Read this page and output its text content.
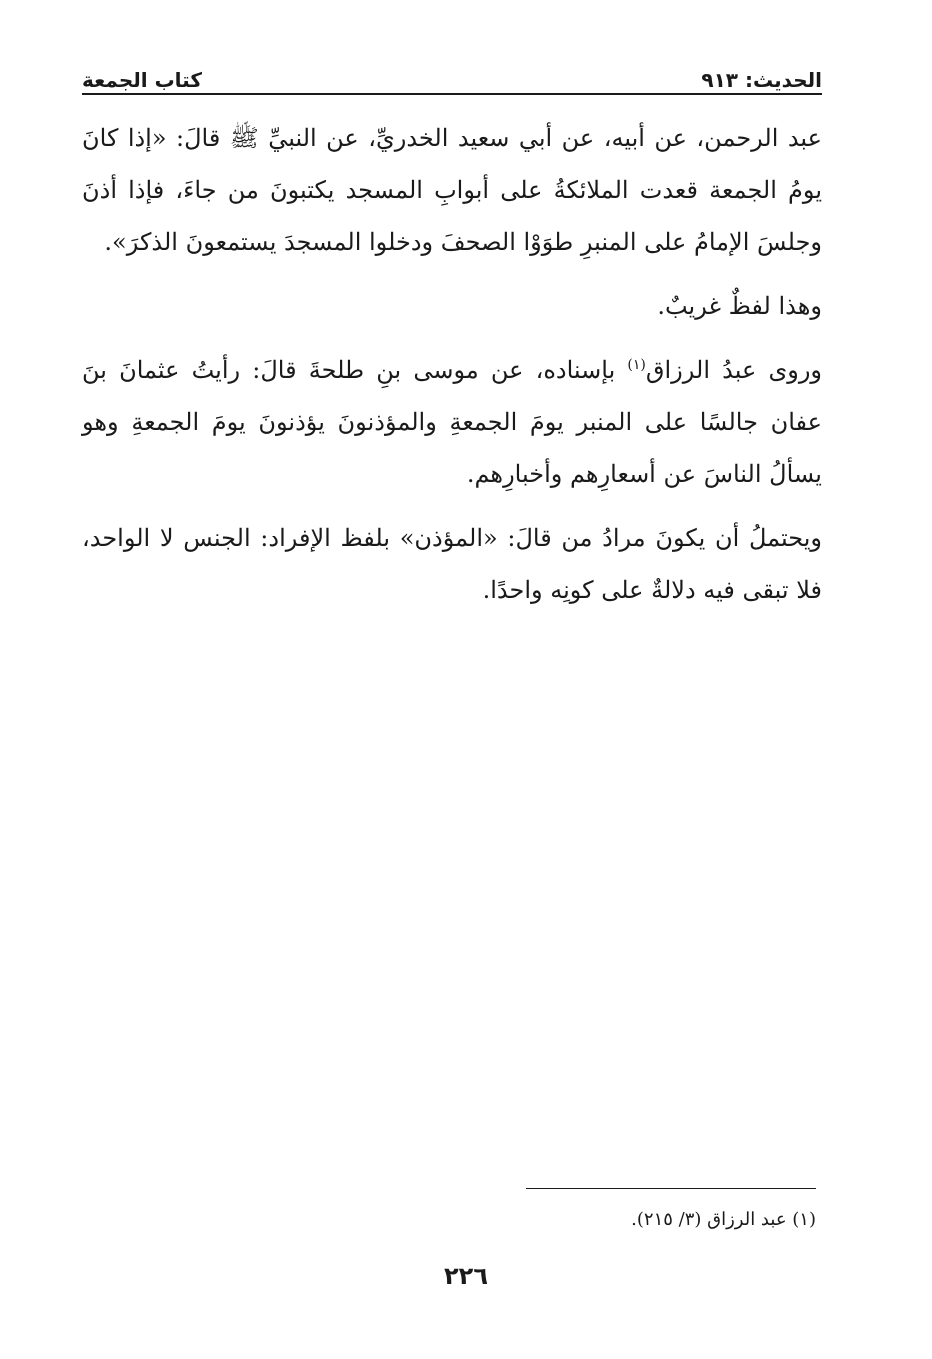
الحديث: ٩١٣
كتاب الجمعة

عبد الرحمن، عن أبيه، عن أبي سعيد الخدريِّ، عن النبيِّ ﷺ قالَ: «إذا كانَ يومُ الجمعة قعدت الملائكةُ على أبوابِ المسجد يكتبونَ من جاءَ، فإذا أذنَ وجلسَ الإمامُ على المنبرِ طوَوْا الصحفَ ودخلوا المسجدَ يستمعونَ الذكرَ».

وهذا لفظٌ غريبٌ.

وروى عبدُ الرزاق$^{(١)}$ بإسناده، عن موسى بنِ طلحةَ قالَ: رأيتُ عثمانَ بنَ عفان جالسًا على المنبر يومَ الجمعةِ والمؤذنونَ يؤذنونَ يومَ الجمعةِ وهو يسألُ الناسَ عن أسعارِهم وأخبارِهم.

ويحتملُ أن يكونَ مرادُ من قالَ: «المؤذن» بلفظ الإفراد: الجنس لا الواحد، فلا تبقى فيه دلالةٌ على كونِه واحدًا.

(١) عبد الرزاق (٣/ ٢١٥).
٢٢٦
